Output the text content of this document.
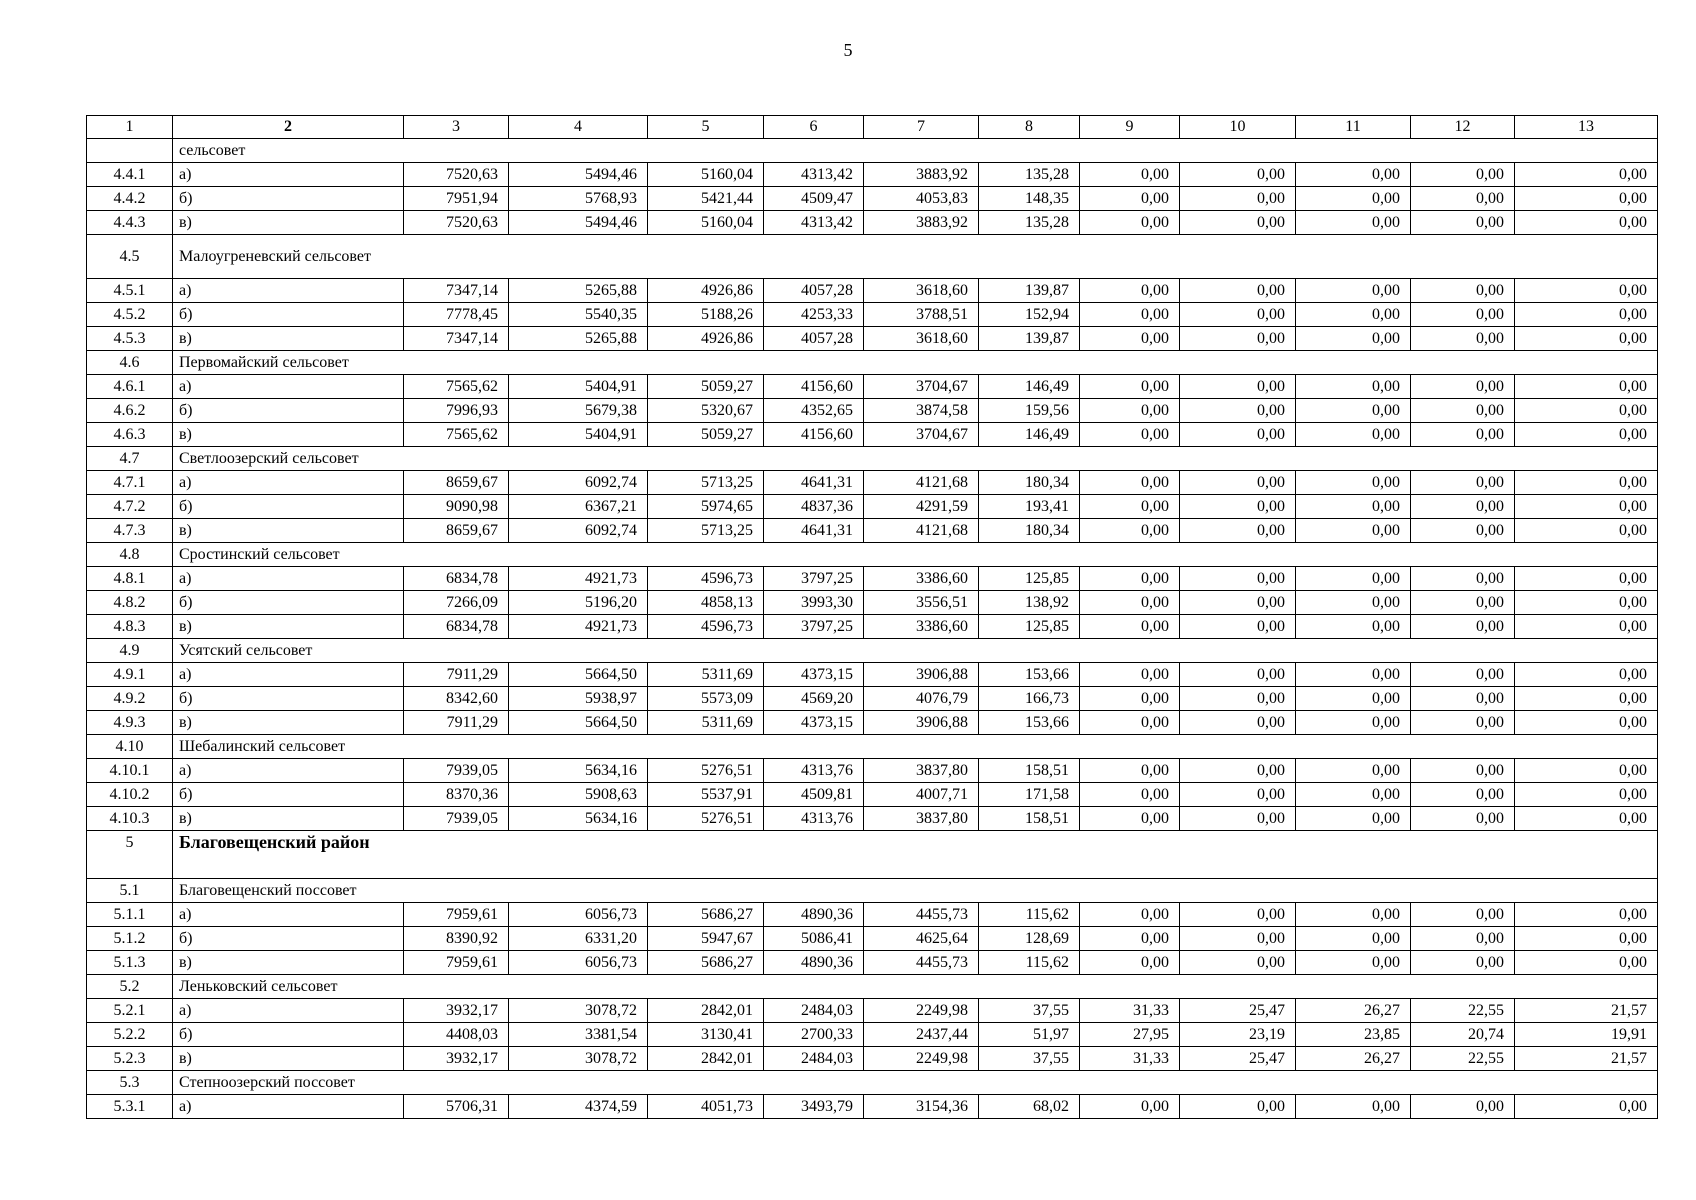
5
1	2	3	4	5	6	7	8	9	10	11	12	13
	сельсовет											
4.4.1	а)	7520,63	5494,46	5160,04	4313,42	3883,92	135,28	0,00	0,00	0,00	0,00	0,00
4.4.2	б)	7951,94	5768,93	5421,44	4509,47	4053,83	148,35	0,00	0,00	0,00	0,00	0,00
4.4.3	в)	7520,63	5494,46	5160,04	4313,42	3883,92	135,28	0,00	0,00	0,00	0,00	0,00
4.5	Малоугреневский сельсовет											
4.5.1	а)	7347,14	5265,88	4926,86	4057,28	3618,60	139,87	0,00	0,00	0,00	0,00	0,00
4.5.2	б)	7778,45	5540,35	5188,26	4253,33	3788,51	152,94	0,00	0,00	0,00	0,00	0,00
4.5.3	в)	7347,14	5265,88	4926,86	4057,28	3618,60	139,87	0,00	0,00	0,00	0,00	0,00
4.6	Первомайский сельсовет											
4.6.1	а)	7565,62	5404,91	5059,27	4156,60	3704,67	146,49	0,00	0,00	0,00	0,00	0,00
4.6.2	б)	7996,93	5679,38	5320,67	4352,65	3874,58	159,56	0,00	0,00	0,00	0,00	0,00
4.6.3	в)	7565,62	5404,91	5059,27	4156,60	3704,67	146,49	0,00	0,00	0,00	0,00	0,00
4.7	Светлоозерский сельсовет											
4.7.1	а)	8659,67	6092,74	5713,25	4641,31	4121,68	180,34	0,00	0,00	0,00	0,00	0,00
4.7.2	б)	9090,98	6367,21	5974,65	4837,36	4291,59	193,41	0,00	0,00	0,00	0,00	0,00
4.7.3	в)	8659,67	6092,74	5713,25	4641,31	4121,68	180,34	0,00	0,00	0,00	0,00	0,00
4.8	Сростинский сельсовет											
4.8.1	а)	6834,78	4921,73	4596,73	3797,25	3386,60	125,85	0,00	0,00	0,00	0,00	0,00
4.8.2	б)	7266,09	5196,20	4858,13	3993,30	3556,51	138,92	0,00	0,00	0,00	0,00	0,00
4.8.3	в)	6834,78	4921,73	4596,73	3797,25	3386,60	125,85	0,00	0,00	0,00	0,00	0,00
4.9	Усятский сельсовет											
4.9.1	а)	7911,29	5664,50	5311,69	4373,15	3906,88	153,66	0,00	0,00	0,00	0,00	0,00
4.9.2	б)	8342,60	5938,97	5573,09	4569,20	4076,79	166,73	0,00	0,00	0,00	0,00	0,00
4.9.3	в)	7911,29	5664,50	5311,69	4373,15	3906,88	153,66	0,00	0,00	0,00	0,00	0,00
4.10	Шебалинский сельсовет											
4.10.1	а)	7939,05	5634,16	5276,51	4313,76	3837,80	158,51	0,00	0,00	0,00	0,00	0,00
4.10.2	б)	8370,36	5908,63	5537,91	4509,81	4007,71	171,58	0,00	0,00	0,00	0,00	0,00
4.10.3	в)	7939,05	5634,16	5276,51	4313,76	3837,80	158,51	0,00	0,00	0,00	0,00	0,00
5	Благовещенский район											
5.1	Благовещенский поссовет											
5.1.1	а)	7959,61	6056,73	5686,27	4890,36	4455,73	115,62	0,00	0,00	0,00	0,00	0,00
5.1.2	б)	8390,92	6331,20	5947,67	5086,41	4625,64	128,69	0,00	0,00	0,00	0,00	0,00
5.1.3	в)	7959,61	6056,73	5686,27	4890,36	4455,73	115,62	0,00	0,00	0,00	0,00	0,00
5.2	Леньковский сельсовет											
5.2.1	а)	3932,17	3078,72	2842,01	2484,03	2249,98	37,55	31,33	25,47	26,27	22,55	21,57
5.2.2	б)	4408,03	3381,54	3130,41	2700,33	2437,44	51,97	27,95	23,19	23,85	20,74	19,91
5.2.3	в)	3932,17	3078,72	2842,01	2484,03	2249,98	37,55	31,33	25,47	26,27	22,55	21,57
5.3	Степноозерский поссовет											
5.3.1	а)	5706,31	4374,59	4051,73	3493,79	3154,36	68,02	0,00	0,00	0,00	0,00	0,00
